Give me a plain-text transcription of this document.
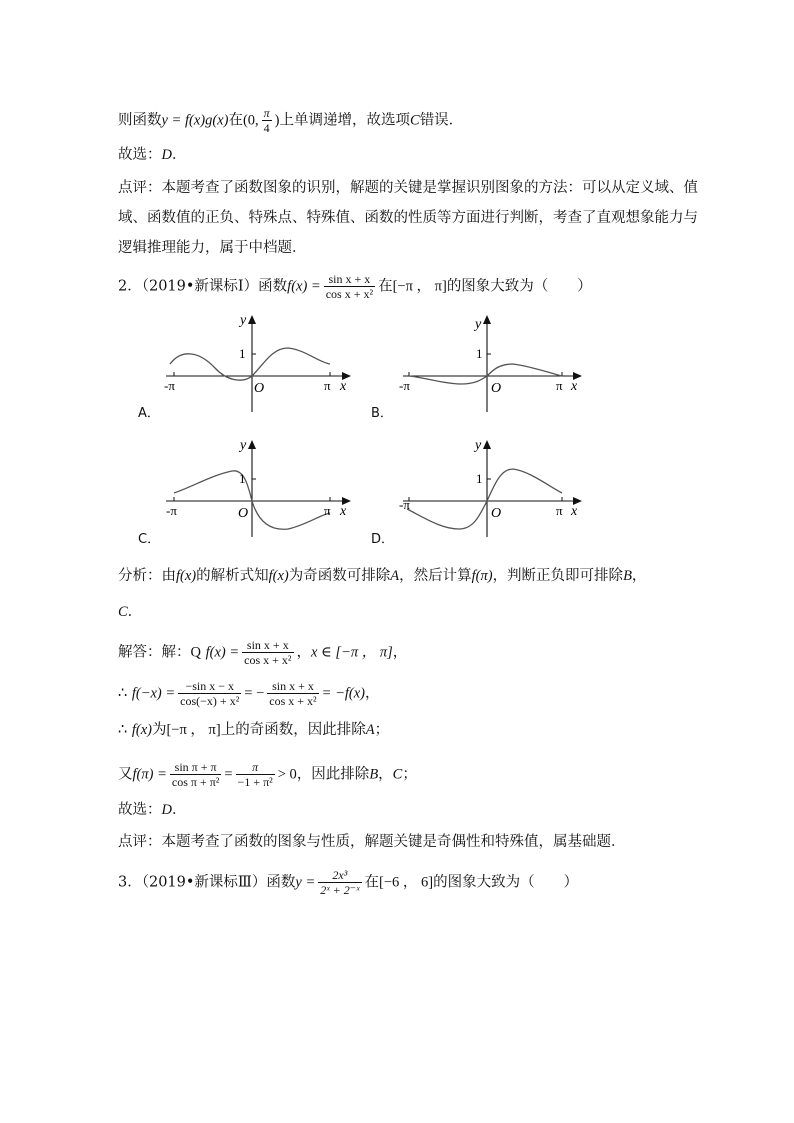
则函数y = f(x)g(x)在(0, $\frac{\pi}{4}$ )上单调递增，故选项C错误．
故选：D．
点评：本题考查了函数图象的识别，解题的关键是掌握识别图象的方法：可以从定义域、值
域、函数值的正负、特殊点、特殊值、函数的性质等方面进行判断，考查了直观想象能力与
逻辑推理能力，属于中档题．
2．（2019•新课标Ⅰ）函数$f(x) = \frac{\text{sin x + x}}{\text{cos x + x²}}$ 在[−π ， π]的图象大致为（　　）
A．
y
1
-π	O	π x
B．
y
1
-π	O	π x
C．
y
1
-π	O	π x
D．
y
1
-π
O	π x
分析：由f(x)的解析式知f(x)为奇函数可排除A，然后计算f(π)，判断正负即可排除B，
C．
解答：解：Q $f(x) = \frac{\text{sin x + x}}{\text{cos x + x²}}$ ，x ∈ [−π ， π]，
∴ $f(-x) = \frac{\text{−sin x − x}}{\text{cos(−x) + x²}}$ = − $\frac{\text{sin x + x}}{\text{cos x + x²}} = -f(x)$，
∴ f(x)为[−π ， π]上的奇函数，因此排除A；
又$f(\pi) = \frac{\text{sin π + π}}{\text{cos π + π²}} = \frac{\pi}{\text{−1 + π²}} > 0$，因此排除B，C；
故选：D．
点评：本题考查了函数的图象与性质，解题关键是奇偶性和特殊值，属基础题．
3．（2019•新课标Ⅲ）函数$y = \frac{\text{2x³}}{\text{2ˣ + 2⁻ˣ}}$ 在[−6 ， 6]的图象大致为（　　）
